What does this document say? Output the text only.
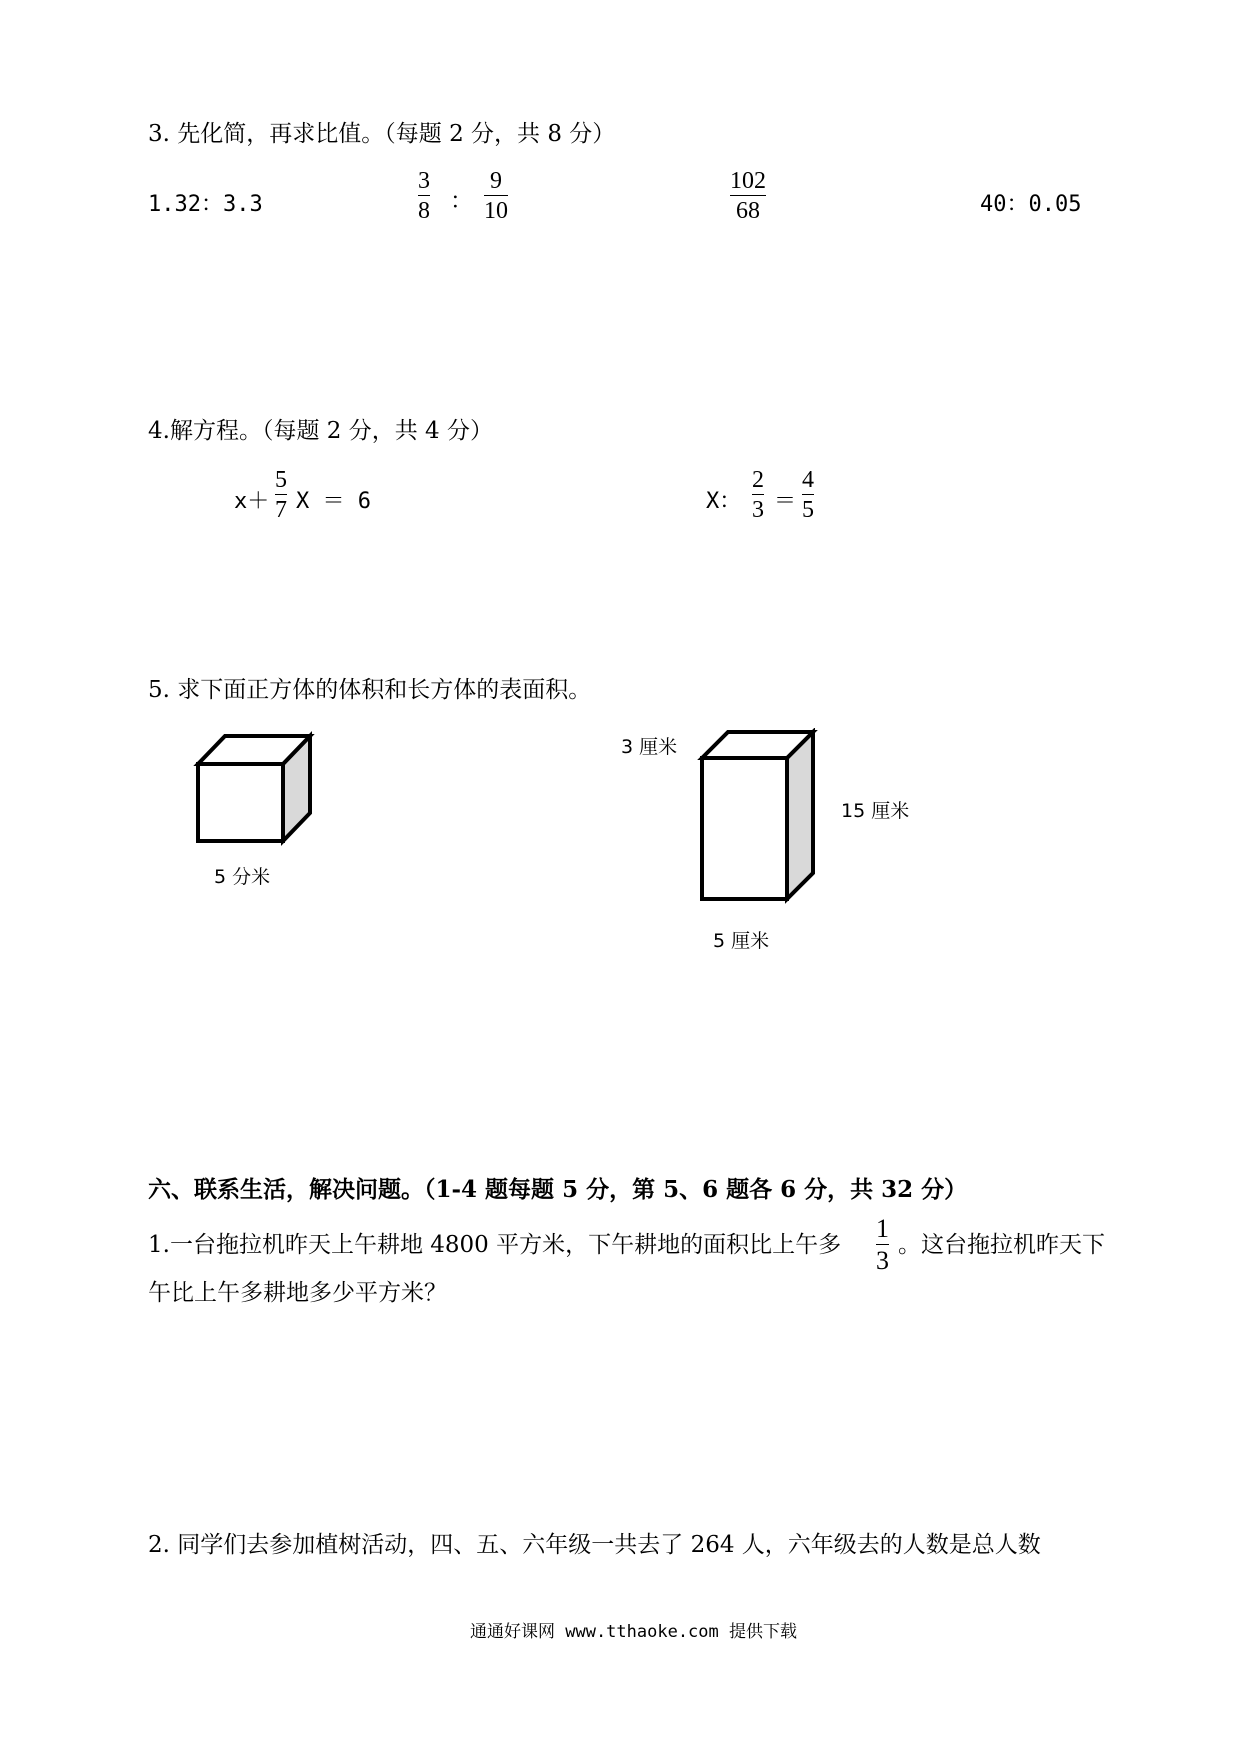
3. 先化简，再求比值。（每题 2 分，共 8 分）
1.32：3.3
3
8 ：
9
10
102
68	40：0.05
4.解方程。（每题 2 分，共 4 分）
x＋
5
7 X ＝ 6	X：
2
3 ＝
4
5
5. 求下面正方体的体积和长方体的表面积。
5 分米
3 厘米
15 厘米
5 厘米
六、联系生活，解决问题。（1-4 题每题 5 分，第 5、6 题各 6 分，共 32 分）
1.一台拖拉机昨天上午耕地 4800 平方米，下午耕地的面积比上午多
1
3
。这台拖拉机昨天下
午比上午多耕地多少平方米？
2. 同学们去参加植树活动，四、五、六年级一共去了 264 人，六年级去的人数是总人数
通通好课网 www.tthaoke.com 提供下载
